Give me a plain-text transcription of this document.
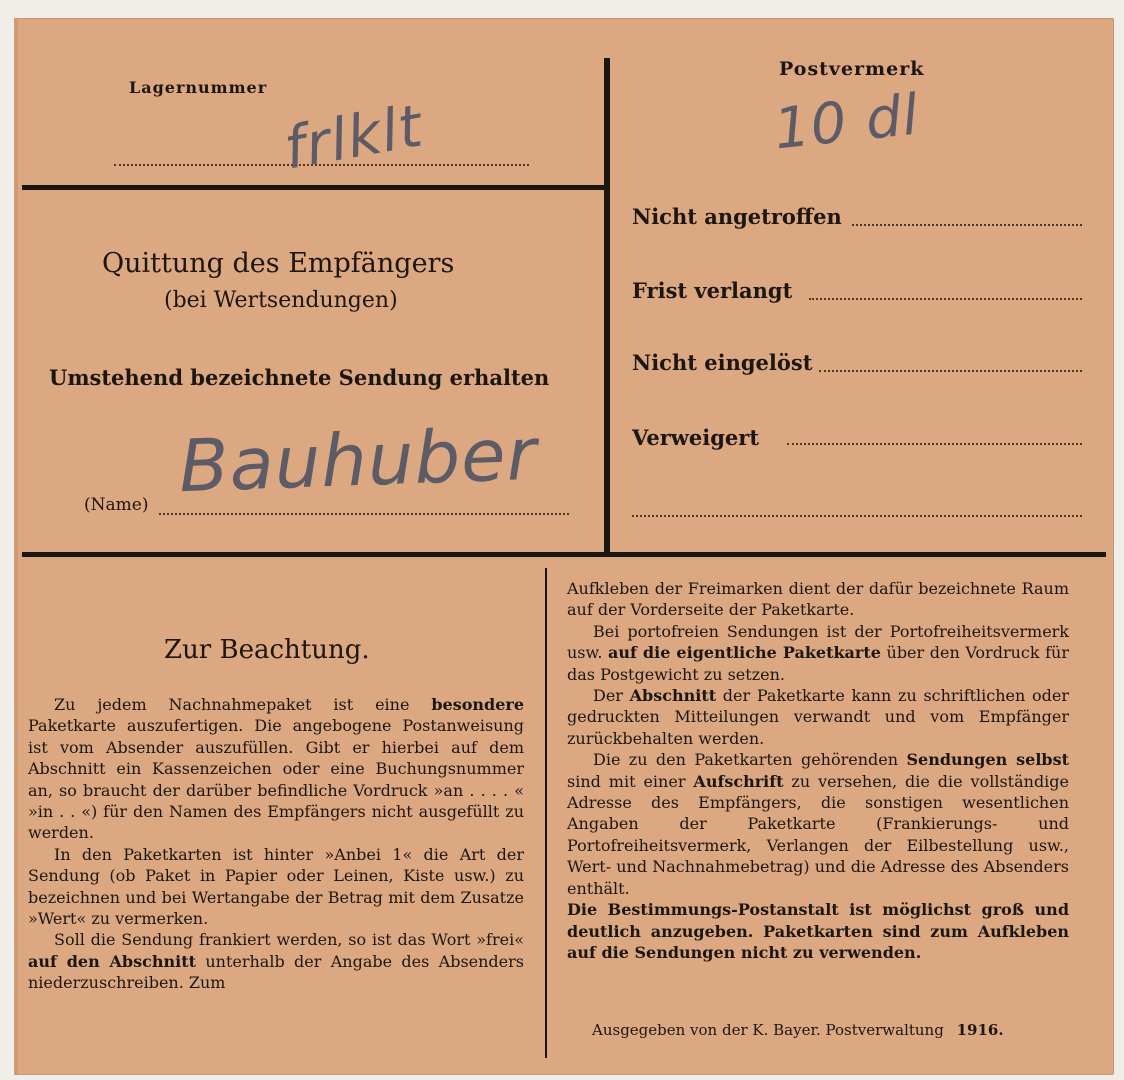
Lagernummer
frlklt
Postvermerk
10 dl
Quittung des Empfängers
(bei Wertsendungen)
Umstehend bezeichnete Sendung erhalten
(Name) Bauhuber
Nicht angetroffen
Frist verlangt
Nicht eingelöst
Verweigert
Zur Beachtung.

Zu jedem Nachnahmepaket ist eine besondere Paketkarte auszufertigen. Die angebogene Postanweisung ist vom Absender auszufüllen. Gibt er hierbei auf dem Abschnitt ein Kassenzeichen oder eine Buchungsnummer an, so braucht der darüber befindliche Vordruck »an . . . . « »in . . «) für den Namen des Empfängers nicht ausgefüllt zu werden.

In den Paketkarten ist hinter »Anbei 1« die Art der Sendung (ob Paket in Papier oder Leinen, Kiste usw.) zu bezeichnen und bei Wertangabe der Betrag mit dem Zusatze »Wert« zu vermerken.

Soll die Sendung frankiert werden, so ist das Wort »frei« auf den Abschnitt unterhalb der Angabe des Absenders niederzuschreiben. Zum

Aufkleben der Freimarken dient der dafür bezeichnete Raum auf der Vorderseite der Paketkarte.

Bei portofreien Sendungen ist der Portofreiheitsvermerk usw. auf die eigentliche Paketkarte über den Vordruck für das Postgewicht zu setzen.

Der Abschnitt der Paketkarte kann zu schriftlichen oder gedruckten Mitteilungen verwandt und vom Empfänger zurückbehalten werden.

Die zu den Paketkarten gehörenden Sendungen selbst sind mit einer Aufschrift zu versehen, die die vollständige Adresse des Empfängers, die sonstigen wesentlichen Angaben der Paketkarte (Frankierungs- und Portofreiheitsvermerk, Verlangen der Eilbestellung usw., Wert- und Nachnahmebetrag) und die Adresse des Absenders enthält.

Die Bestimmungs-Postanstalt ist möglichst groß und deutlich anzugeben. Paketkarten sind zum Aufkleben auf die Sendungen nicht zu verwenden.

Ausgegeben von der K. Bayer. Postverwaltung 1916.
